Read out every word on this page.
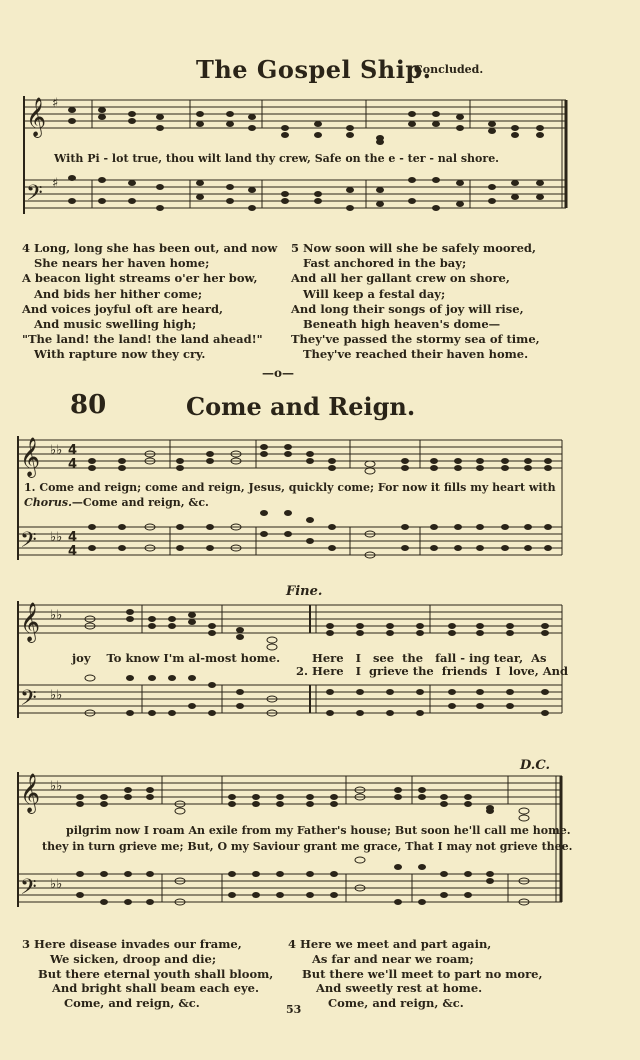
The Gospel Ship.
Concluded.
𝄞
𝄢
𝄞
𝄢
𝄞
𝄢
𝄞
𝄢
♯
♯
♭♭
♭♭
♭♭
♭♭
♭♭
♭♭
4
4
4
4
With Pi - lot true, thou wilt land thy crew, Safe on the e - ter - nal shore.
4 Long, long she has been out, and now
She nears her haven home;
A beacon light streams o'er her bow,
And bids her hither come;
And voices joyful oft are heard,
And music swelling high;
"The land! the land! the land ahead!"
With rapture now they cry.
5 Now soon will she be safely moored,
Fast anchored in the bay;
And all her gallant crew on shore,
Will keep a festal day;
And long their songs of joy will rise,
Beneath high heaven's dome—
They've passed the stormy sea of time,
They've reached their haven home.
—o—
80	Come and Reign.
1. Come and reign; come and reign, Jesus, quickly come; For now it fills my heart with
Chorus.—Come and reign, &c.
Fine.
joy    To know I'm al-most home.	Here   I   see  the   fall - ing tear,  As
2. Here   I  grieve the  friends  I  love, And
D.C.
pilgrim now I roam An exile from my Father's house; But soon he'll call me home.
they in turn grieve me; But, O my Saviour grant me grace, That I may not grieve thee.
3 Here disease invades our frame,
We sicken, droop and die;
But there eternal youth shall bloom,
And bright shall beam each eye.
Come, and reign, &c.
4 Here we meet and part again,
As far and near we roam;
But there we'll meet to part no more,
And sweetly rest at home.
Come, and reign, &c.
53
